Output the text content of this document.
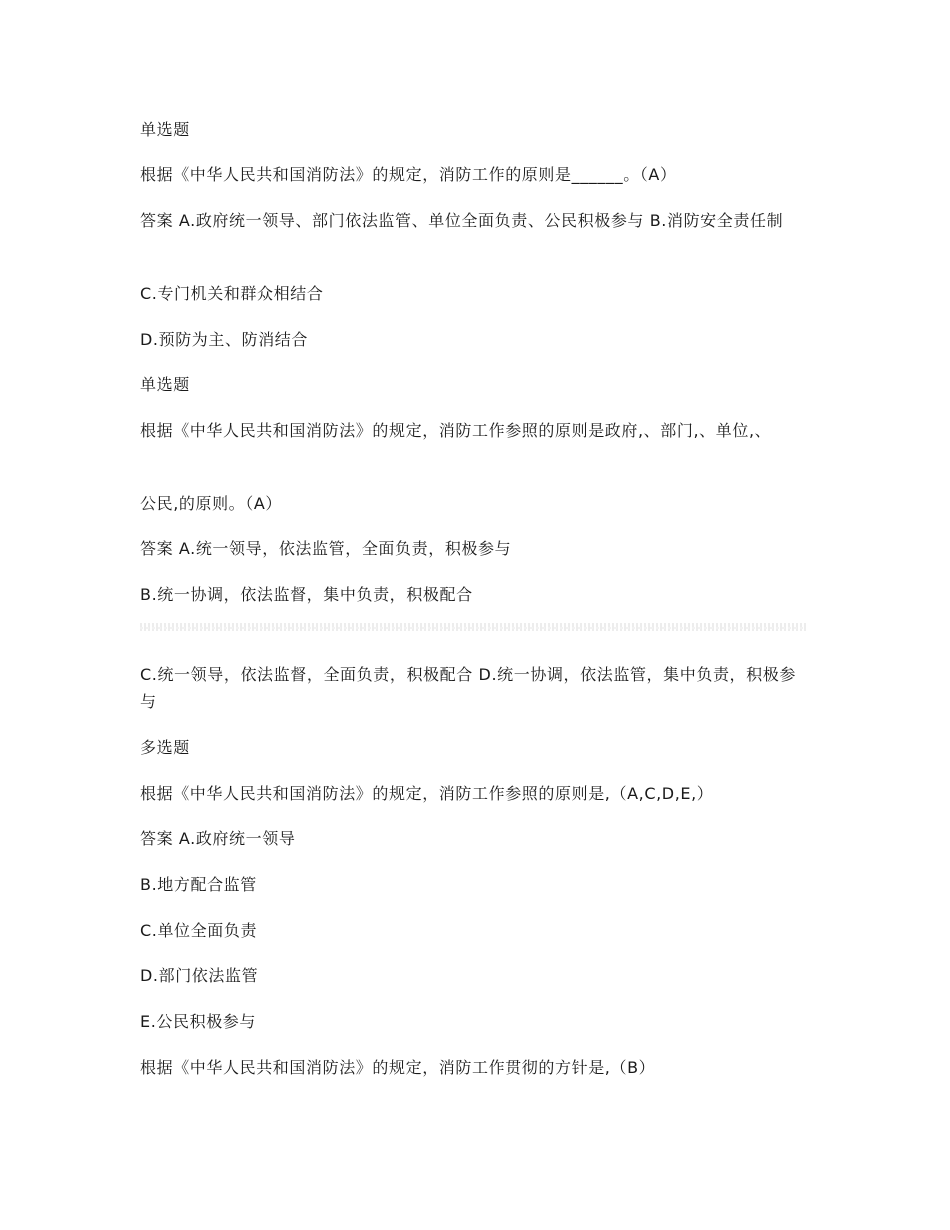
单选题
根据《中华人民共和国消防法》的规定，消防工作的原则是______。（A）
答案 A.政府统一领导、部门依法监管、单位全面负责、公民积极参与 B.消防安全责任制
C.专门机关和群众相结合
D.预防为主、防消结合
单选题
根据《中华人民共和国消防法》的规定，消防工作参照的原则是政府,、部门,、单位,、
公民,的原则。（A）
答案 A.统一领导，依法监管，全面负责，积极参与
B.统一协调，依法监督，集中负责，积极配合
C.统一领导，依法监督，全面负责，积极配合 D.统一协调，依法监管，集中负责，积极参与
多选题
根据《中华人民共和国消防法》的规定，消防工作参照的原则是,（A,C,D,E,）
答案 A.政府统一领导
B.地方配合监管
C.单位全面负责
D.部门依法监管
E.公民积极参与
根据《中华人民共和国消防法》的规定，消防工作贯彻的方针是,（B）
